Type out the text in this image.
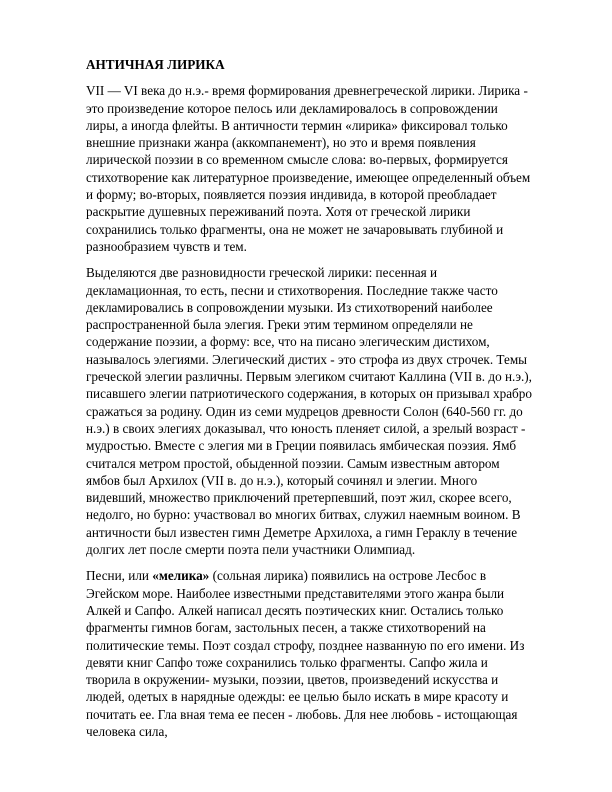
АНТИЧНАЯ ЛИРИКА

VII — VI века до н.э.- время формирования древнегреческой лирики. Лирика - это произведение которое пелось или декламировалось в сопровождении лиры, а иногда флейты. В античности термин «лирика» фиксировал только внешние признаки жанра (аккомпанемент), но это и время появления лирической поэзии в со временном смысле слова: во-первых, формируется стихотворение как литературное произведение, имеющее определенный объем и форму; во-вторых, появляется поэзия индивида, в которой преобладает раскрытие душевных переживаний поэта. Хотя от греческой лирики сохранились только фрагменты, она не может не зачаровывать глубиной и разнообразием чувств и тем.

Выделяются две разновидности греческой лирики: песенная и декламационная, то есть, песни и стихотворения. Последние также часто декламировались в сопровождении музыки. Из стихотворений наиболее распространенной была элегия. Греки этим термином определяли не содержание поэзии, а форму: все, что на писано элегическим дистихом, называлось элегиями. Элегический дистих - это строфа из двух строчек. Темы греческой элегии различны. Первым элегиком считают Каллина (VII в. до н.э.), писавшего элегии патриотического содержания, в которых он призывал храбро сражаться за родину. Один из семи мудрецов древности Солон (640-560 гг. до н.э.) в своих элегиях доказывал, что юность пленяет силой, а зрелый возраст - мудростью. Вместе с элегия ми в Греции появилась ямбическая поэзия. Ямб считался метром простой, обыденной поэзии. Самым известным автором ямбов был Архилох (VII в. до н.э.), который сочинял и элегии. Много видевший, множество приключений претерпевший, поэт жил, скорее всего, недолго, но бурно: участвовал во многих битвах, служил наемным воином. В античности был известен гимн Деметре Архилоха, а гимн Гераклу в течение долгих лет после смерти поэта пели участники Олимпиад.

Песни, или «мелика» (сольная лирика) появились на острове Лесбос в Эгейском море. Наиболее известными представителями этого жанра были Алкей и Сапфо. Алкей написал десять поэтических книг. Остались только фрагменты гимнов богам, застольных песен, а также стихотворений на политические темы. Поэт создал строфу, позднее названную по его имени. Из девяти книг Сапфо тоже сохранились только фрагменты. Сапфо жила и творила в окружении- музыки, поэзии, цветов, произведений искусства и людей, одетых в нарядные одежды: ее целью было искать в мире красоту и почитать ее. Гла вная тема ее песен - любовь. Для нее любовь - истощающая человека сила,
